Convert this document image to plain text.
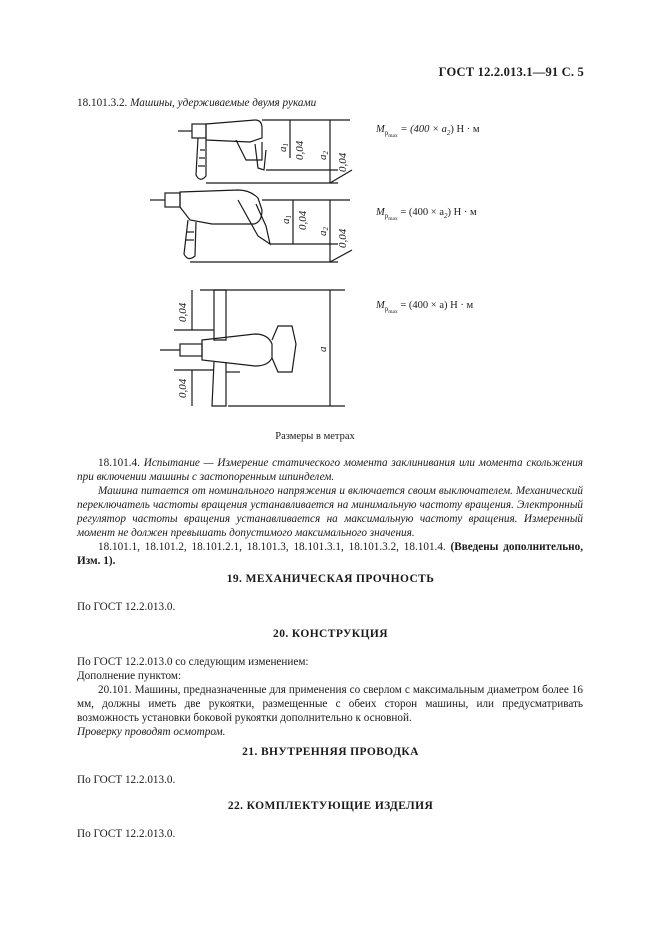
ГОСТ 12.2.013.1—91 С. 5
18.101.3.2. Машины, удерживаемые двумя руками
a1 0,04 a2 0,04
a1 0,04
a2 0,04
0,04
0,04
a
$M_{p_{max}} = (400 \times a_2) Н \cdot м$
$M_{p_{max}} = (400 \times a_2) Н \cdot м$
$M_{p_{max}} = (400 \times a) Н \cdot м$
Размеры в метрах

18.101.4. Испытание — Измерение статического момента заклинивания или момента скольжения при включении машины с застопоренным шпинделем.

Машина питается от номинального напряжения и включается своим выключателем. Механический переключатель частоты вращения устанавливается на минимальную частоту вращения. Электронный регулятор частоты вращения устанавливается на максимальную частоту вращения. Измеренный момент не должен превышать допустимого максимального значения.

18.101.1, 18.101.2, 18.101.2.1, 18.101.3, 18.101.3.1, 18.101.3.2, 18.101.4. (Введены дополнительно, Изм. 1).

19. МЕХАНИЧЕСКАЯ ПРОЧНОСТЬ
По ГОСТ 12.2.013.0.
20. КОНСТРУКЦИЯ
По ГОСТ 12.2.013.0 со следующим изменением:
Дополнение пунктом:

20.101. Машины, предназначенные для применения со сверлом с максимальным диаметром более 16 мм, должны иметь две рукоятки, размещенные с обеих сторон машины, или предусматривать возможность установки боковой рукоятки дополнительно к основной.

Проверку проводят осмотром.

21. ВНУТРЕННЯЯ ПРОВОДКА
По ГОСТ 12.2.013.0.
22. КОМПЛЕКТУЮЩИЕ ИЗДЕЛИЯ
По ГОСТ 12.2.013.0.
